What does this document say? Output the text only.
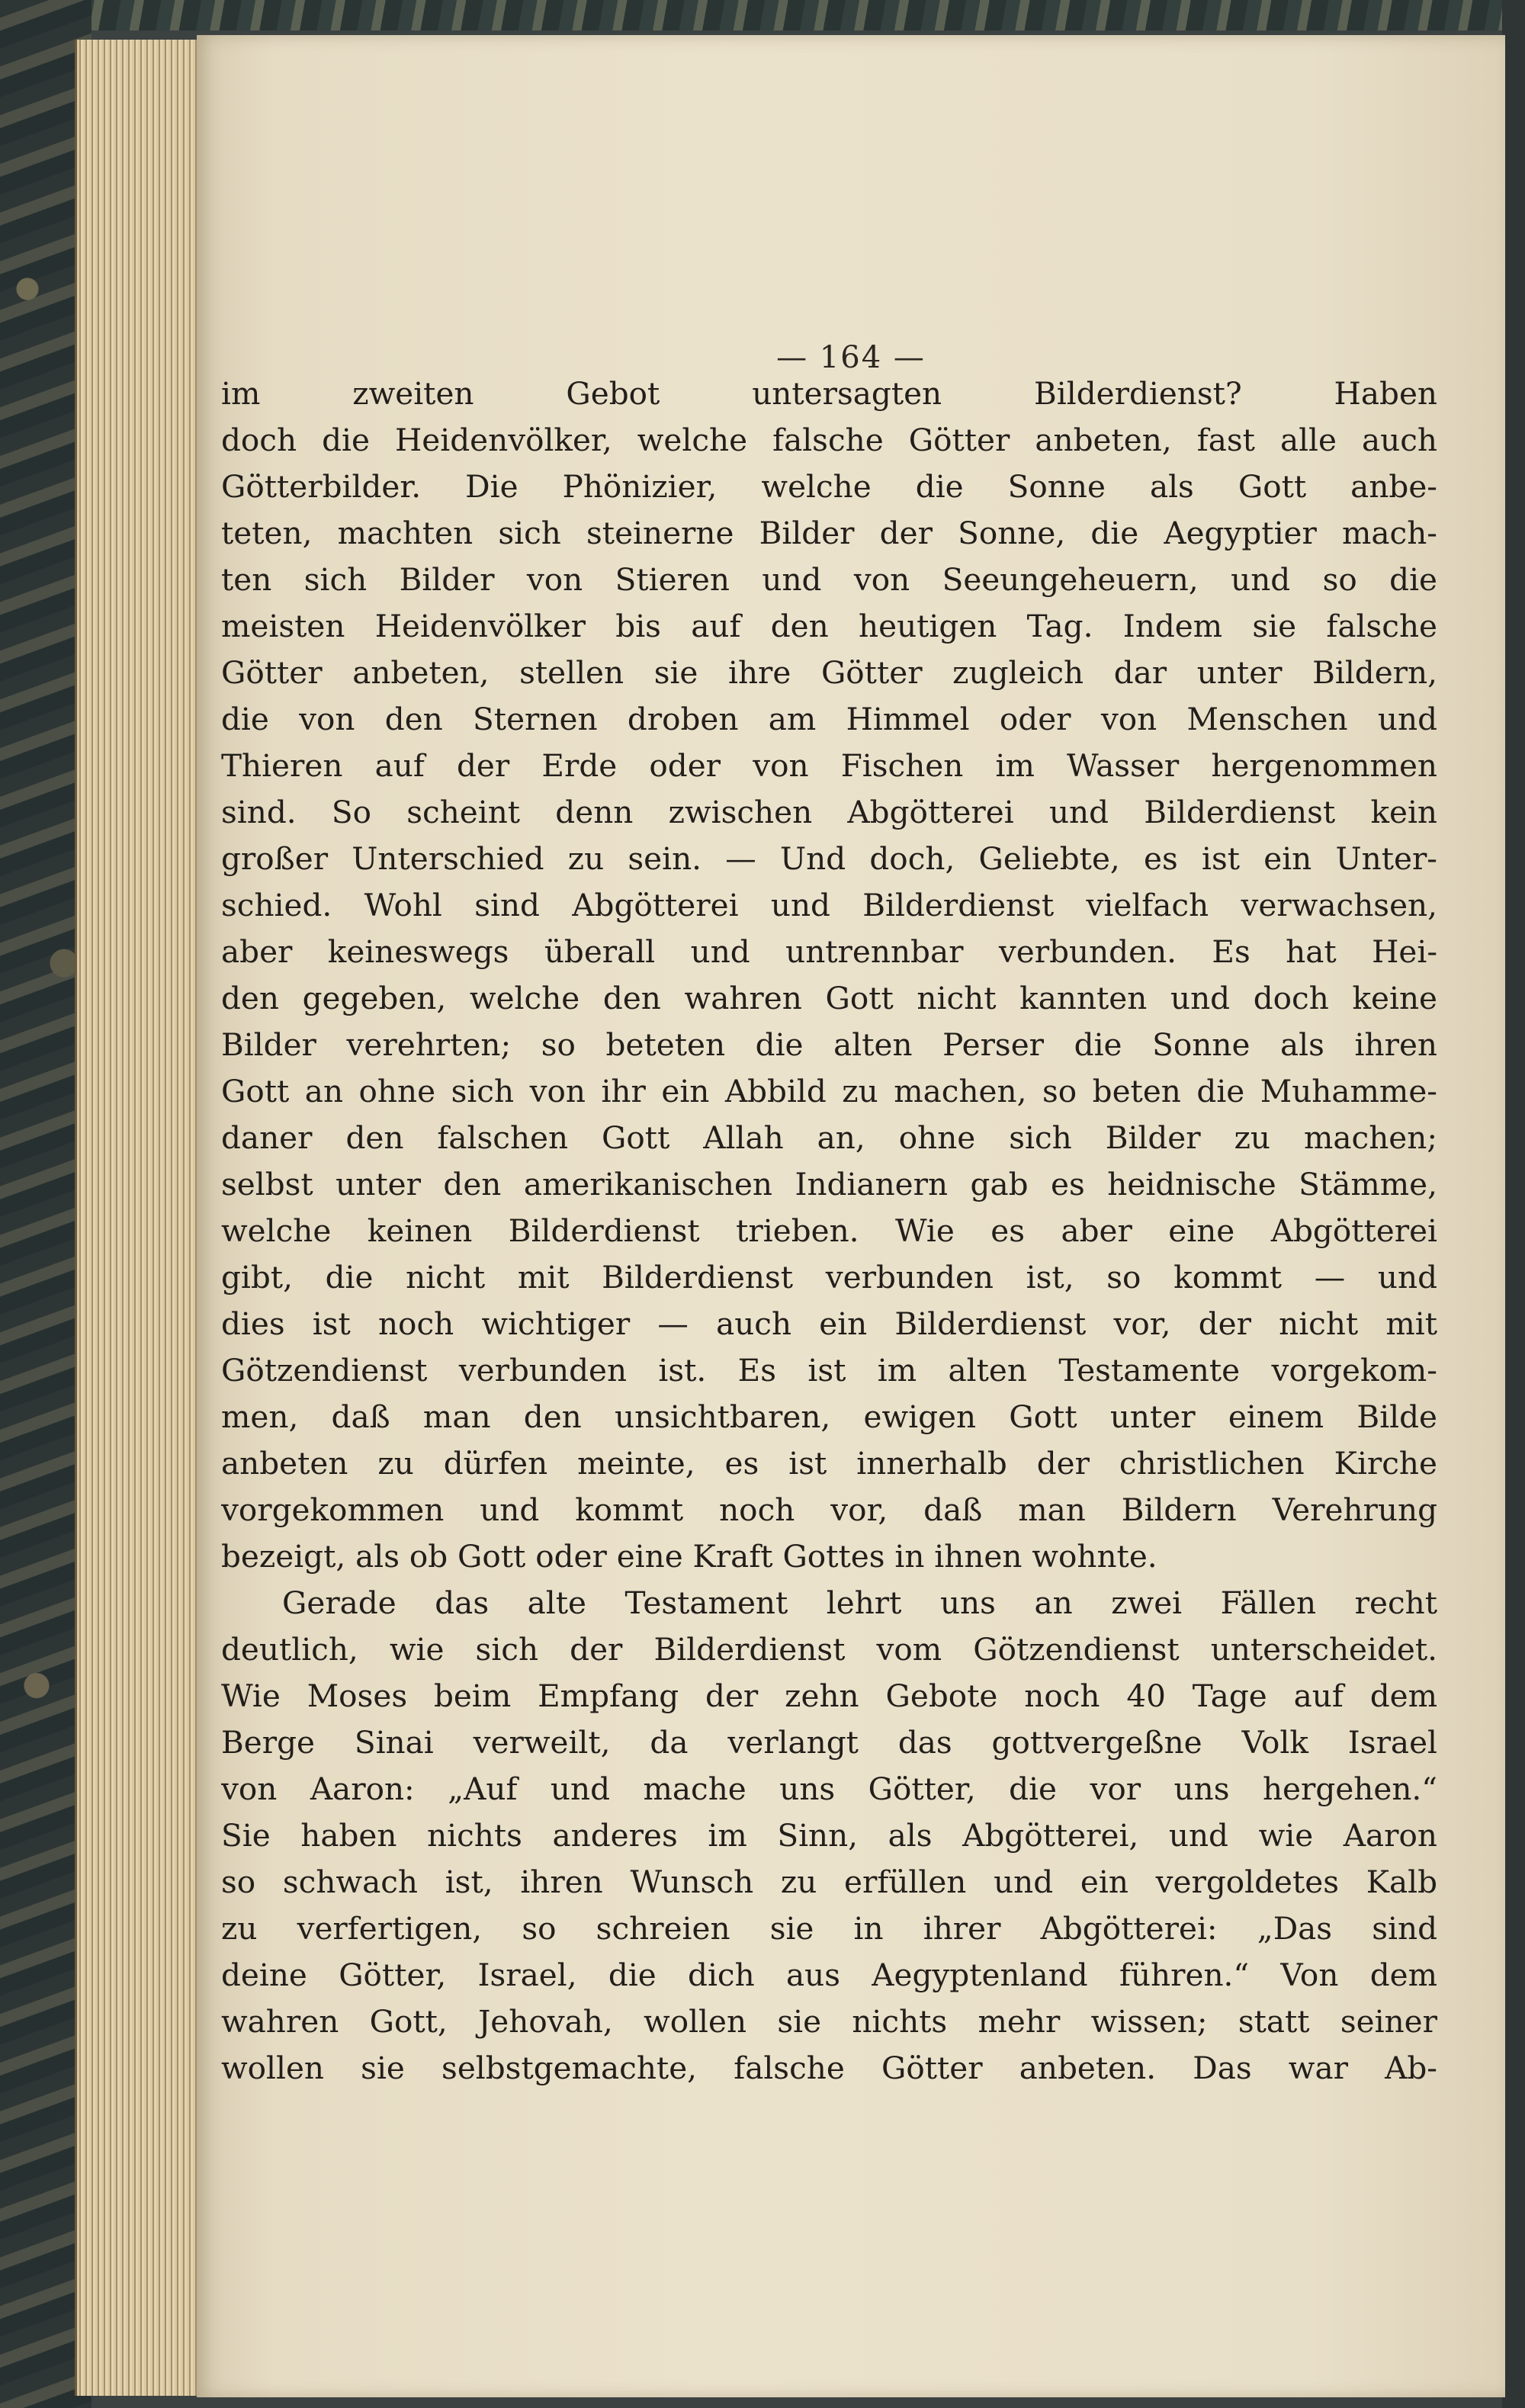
— 164 —
im zweiten Gebot untersagten Bilderdienst? Haben
doch die Heidenvölker, welche falsche Götter anbeten, fast alle auch
Götterbilder. Die Phönizier, welche die Sonne als Gott anbe-
teten, machten sich steinerne Bilder der Sonne, die Aegyptier mach-
ten sich Bilder von Stieren und von Seeungeheuern, und so die
meisten Heidenvölker bis auf den heutigen Tag. Indem sie falsche
Götter anbeten, stellen sie ihre Götter zugleich dar unter Bildern,
die von den Sternen droben am Himmel oder von Menschen und
Thieren auf der Erde oder von Fischen im Wasser hergenommen
sind. So scheint denn zwischen Abgötterei und Bilderdienst kein
großer Unterschied zu sein. — Und doch, Geliebte, es ist ein Unter-
schied. Wohl sind Abgötterei und Bilderdienst vielfach verwachsen,
aber keineswegs überall und untrennbar verbunden. Es hat Hei-
den gegeben, welche den wahren Gott nicht kannten und doch keine
Bilder verehrten; so beteten die alten Perser die Sonne als ihren
Gott an ohne sich von ihr ein Abbild zu machen, so beten die Muhamme-
daner den falschen Gott Allah an, ohne sich Bilder zu machen;
selbst unter den amerikanischen Indianern gab es heidnische Stämme,
welche keinen Bilderdienst trieben. Wie es aber eine Abgötterei
gibt, die nicht mit Bilderdienst verbunden ist, so kommt — und
dies ist noch wichtiger — auch ein Bilderdienst vor, der nicht mit
Götzendienst verbunden ist. Es ist im alten Testamente vorgekom-
men, daß man den unsichtbaren, ewigen Gott unter einem Bilde
anbeten zu dürfen meinte, es ist innerhalb der christlichen Kirche
vorgekommen und kommt noch vor, daß man Bildern Verehrung
bezeigt, als ob Gott oder eine Kraft Gottes in ihnen wohnte.
Gerade das alte Testament lehrt uns an zwei Fällen recht
deutlich, wie sich der Bilderdienst vom Götzendienst unterscheidet.
Wie Moses beim Empfang der zehn Gebote noch 40 Tage auf dem
Berge Sinai verweilt, da verlangt das gottvergeßne Volk Israel
von Aaron: „Auf und mache uns Götter, die vor uns hergehen.“
Sie haben nichts anderes im Sinn, als Abgötterei, und wie Aaron
so schwach ist, ihren Wunsch zu erfüllen und ein vergoldetes Kalb
zu verfertigen, so schreien sie in ihrer Abgötterei: „Das sind
deine Götter, Israel, die dich aus Aegyptenland führen.“ Von dem
wahren Gott, Jehovah, wollen sie nichts mehr wissen; statt seiner
wollen sie selbstgemachte, falsche Götter anbeten. Das war Ab-
